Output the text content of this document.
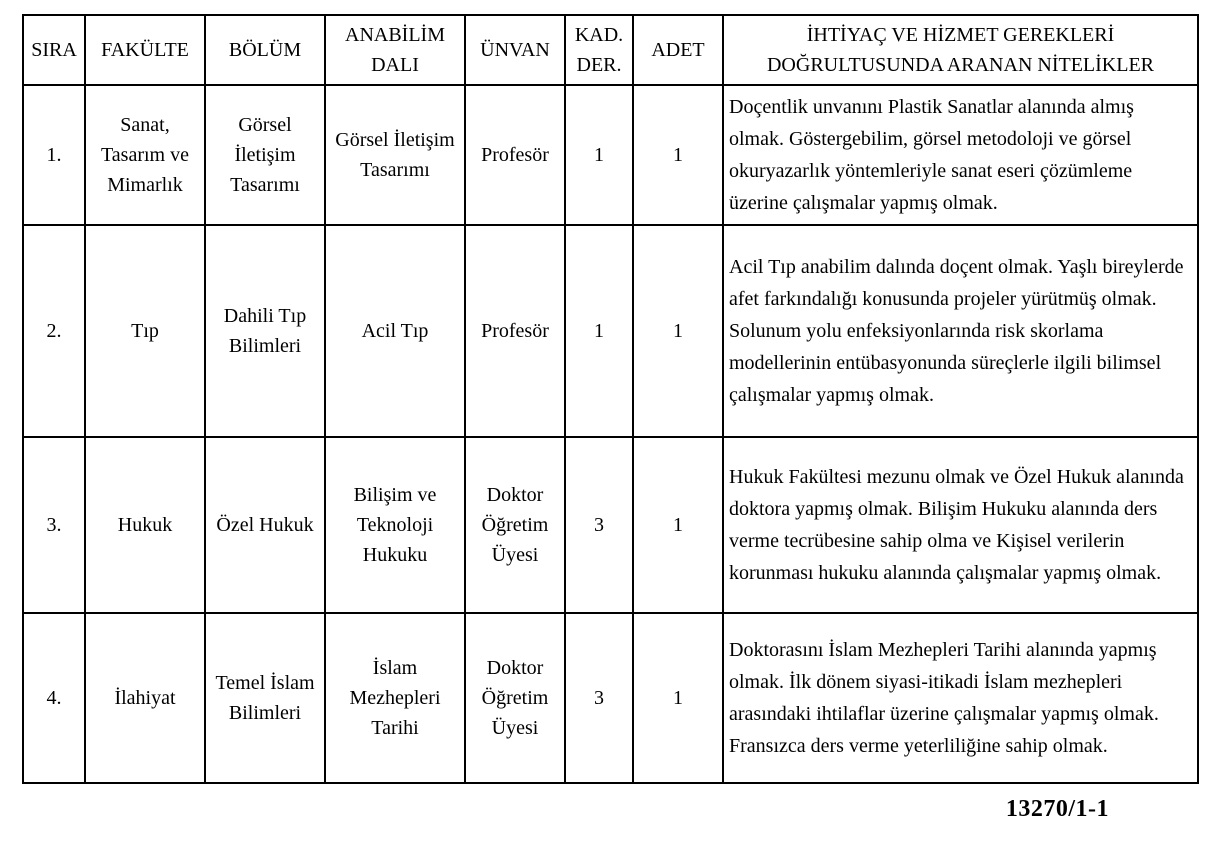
SIRA	FAKÜLTE	BÖLÜM	ANABİLİM DALI	ÜNVAN	KAD. DER.	ADET	İHTİYAÇ VE HİZMET GEREKLERİ
DOĞRULTUSUNDA ARANAN NİTELİKLER

1.	Sanat, Tasarım ve Mimarlık	Görsel İletişim Tasarımı	Görsel İletişim Tasarımı	Profesör	1	1	Doçentlik unvanını Plastik Sanatlar alanında almış olmak. Göstergebilim, görsel metodoloji ve görsel okuryazarlık yöntemleriyle sanat eseri çözümleme üzerine çalışmalar yapmış olmak.
2.	Tıp	Dahili Tıp Bilimleri	Acil Tıp	Profesör	1	1	Acil Tıp anabilim dalında doçent olmak. Yaşlı bireylerde afet farkındalığı konusunda projeler yürütmüş olmak. Solunum yolu enfeksiyonlarında risk skorlama modellerinin entübasyonunda süreçlerle ilgili bilimsel çalışmalar yapmış olmak.
3.	Hukuk	Özel Hukuk	Bilişim ve Teknoloji Hukuku	Doktor Öğretim Üyesi	3	1	Hukuk Fakültesi mezunu olmak ve Özel Hukuk alanında doktora yapmış olmak. Bilişim Hukuku alanında ders verme tecrübesine sahip olma ve Kişisel verilerin korunması hukuku alanında çalışmalar yapmış olmak.
4.	İlahiyat	Temel İslam Bilimleri	İslam Mezhepleri Tarihi	Doktor Öğretim Üyesi	3	1	Doktorasını İslam Mezhepleri Tarihi alanında yapmış olmak. İlk dönem siyasi-itikadi İslam mezhepleri arasındaki ihtilaflar üzerine çalışmalar yapmış olmak. Fransızca ders verme yeterliliğine sahip olmak.
13270/1-1
